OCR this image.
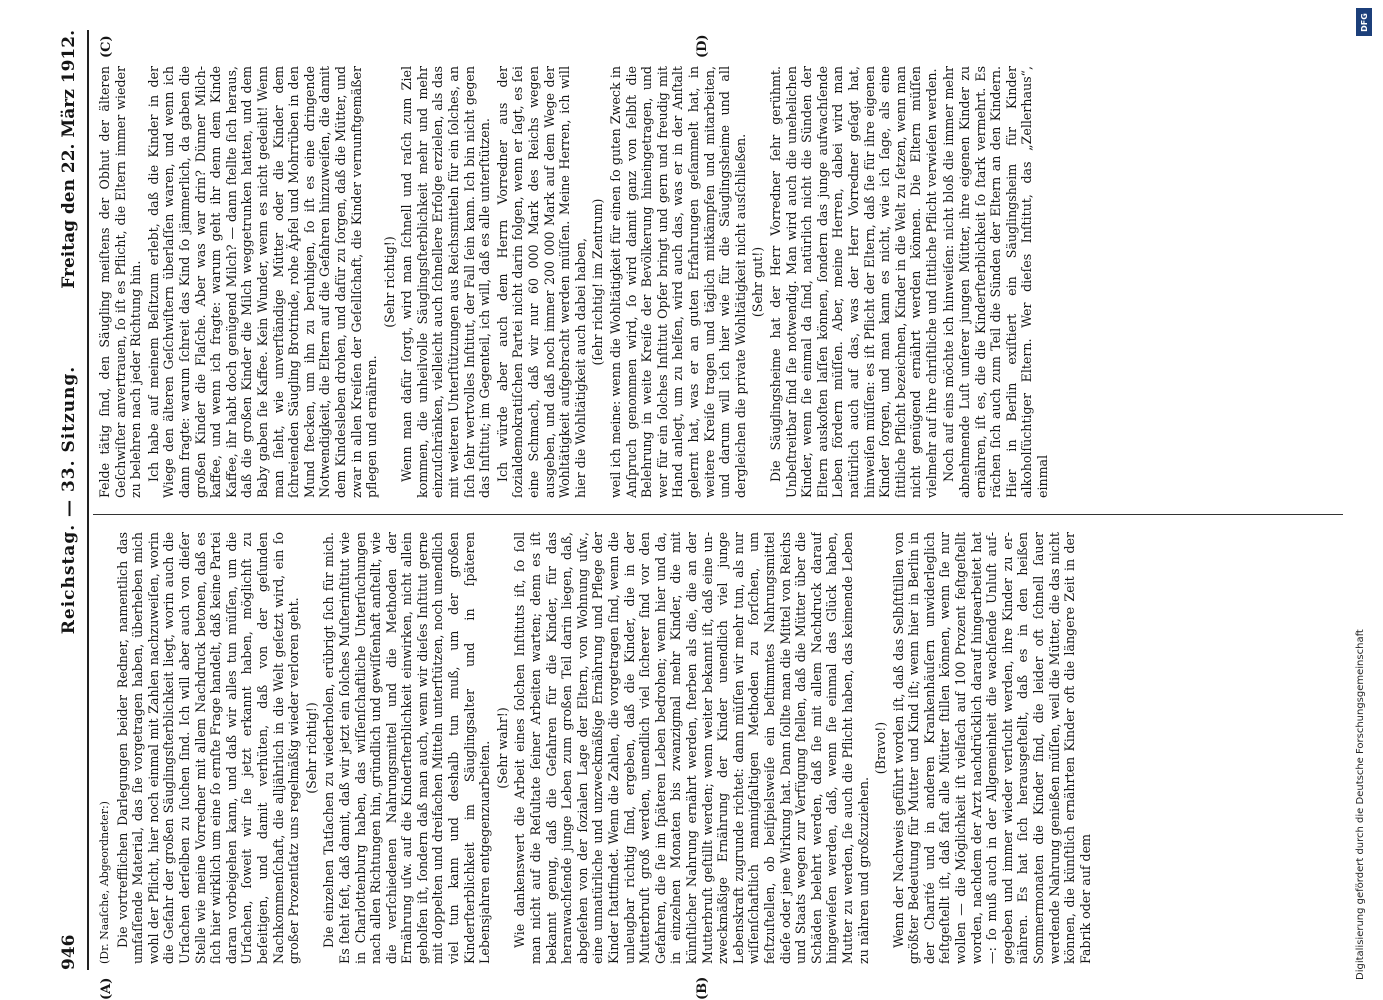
946
Reichstag. — 33. Sitzung.
Freitag den 22. März 1912.
(A)	(B)
(C)	(D)

(Dr. Naaſche, Abgeordneter:) Die vortrefflichen Darlegungen beider Redner, namentlich das umfaſſende Material, das ſie vorgetragen haben, überheben mich wohl der Pflicht, hier noch einmal mit Zahlen nachzuweiſen, worin die Gefahr der großen Säuglingsſterblichkeit liegt, worin auch die Urſachen derſelben zu ſuchen ſind. Ich will aber auch von dieſer Stelle wie meine Vorredner mit allem Nachdruck betonen, daß es ſich hier wirklich um eine ſo ernſte Frage handelt, daß keine Partei daran vorbeigehen kann, und daß wir alles tun müſſen, um die Urſachen, ſoweit wir ſie jetzt erkannt haben, möglichſt zu beſeitigen, und damit verhüten, daß von der geſunden Nachkommenſchaft, die alljährlich in die Welt geſetzt wird, ein ſo großer Prozentſatz uns regelmäßig wieder verloren geht. (Sehr richtig!) Die einzelnen Tatſachen zu wiederholen, erübrigt ſich für mich. Es ſteht feſt, daß damit, daß wir jetzt ein ſolches Muſterinſtitut wie in Charlottenburg haben, das wiſſenſchaftliche Unterſuchungen nach allen Richtungen hin, gründlich und gewiſſenhaft anſtellt, wie die verſchiedenen Nahrungsmittel und die Methoden der Ernährung uſw. auf die Kinderſterblichkeit einwirken, nicht allein geholfen iſt, ſondern daß man auch, wenn wir dieſes Inſtitut gerne mit doppelten und dreifachen Mitteln unterſtützen, noch unendlich viel tun kann und deshalb tun muß, um der großen Kinderſterblichkeit im Säuglingsalter und in ſpäteren Lebensjahren entgegenzuarbeiten. (Sehr wahr!) Wie dankenswert die Arbeit eines ſolchen Inſtituts iſt, ſo ſoll man nicht auf die Reſultate ſeiner Arbeiten warten; denn es iſt bekannt genug, daß die Gefahren für die Kinder, für das heranwachſende junge Leben zum großen Teil darin liegen, daß, abgeſehen von der ſozialen Lage der Eltern, von Wohnung uſw., eine unnatürliche und unzweckmäßige Ernährung und Pflege der Kinder ſtattfindet. Wenn die Zahlen, die vorgetragen ſind, wenn die unleugbar richtig ſind, ergeben, daß die Kinder, die in der Mutterbruſt groß werden, unendlich viel ſicherer ſind vor den Gefahren, die ſie im ſpäteren Leben bedrohen; wenn hier und da, in einzelnen Monaten bis zwanzigmal mehr Kinder, die mit künſtlicher Nahrung ernährt werden, ſterben als die, die an der Mutterbruſt geſtillt werden; wenn weiter bekannt iſt, daß eine unzweckmäßige Ernährung der Kinder unendlich viel junge Lebenskraft zugrunde richtet: dann müſſen wir mehr tun, als nur wiſſenſchaftlich mannigfaltigen Methoden zu forſchen, um feſtzuſtellen, ob beiſpielsweiſe ein beſtimmtes Nahrungsmittel dieſe oder jene Wirkung hat. Dann ſollte man die Mittel von Reichs und Staats wegen zur Verfügung ſtellen, daß die Mütter über die Schäden belehrt werden, daß ſie mit allem Nachdruck darauf hingewieſen werden, daß, wenn ſie einmal das Glück haben, Mutter zu werden, ſie auch die Pflicht haben, das keimende Leben zu nähren und großzuziehen.

(Bravo!) Wenn der Nachweis geführt worden iſt, daß das Selbſtſtillen von größter Bedeutung für Mutter und Kind iſt; wenn hier in Berlin in der Charité und in anderen Krankenhäuſern unwiderleglich feſtgeſtellt iſt, daß faſt alle Mütter ſtillen können, wenn ſie nur wollen — die Möglichkeit iſt vielfach auf 100 Prozent feſtgeſtellt worden, nachdem der Arzt nachdrücklich darauf hingearbeitet hat —: ſo muß auch in der Allgemeinheit die wachſende Unluſt aufgegeben und immer wieder verſucht werden, ihre Kinder zu ernähren. Es hat ſich herausgeſtellt, daß es in den heißen Sommermonaten die Kinder ſind, die leider oft ſchnell ſauer werdende Nahrung genießen müſſen, weil die Mütter, die das nicht können, die künſtlich ernährten Kinder oft die längere Zeit in der Fabrik oder auf dem

Felde tätig ſind, den Säugling meiſtens der Obhut der älteren Geſchwiſter anvertrauen, ſo iſt es Pflicht, die Eltern immer wieder zu belehren nach jeder Richtung hin. Ich habe auf meinem Beſitzum erlebt, daß die Kinder in der Wiege den älteren Geſchwiſtern überlaſſen waren, und wenn ich dann fragte: warum ſchreit das Kind ſo jämmerlich, da gaben die großen Kinder die Flaſche. Aber was war drin? Dünner Milchkaffee, und wenn ich fragte: warum geht ihr denn dem Kinde Kaffee, ihr habt doch genügend Milch? — dann ſtellte ſich heraus, daß die großen Kinder die Milch weggetrunken hatten, und dem Baby gaben ſie Kaffee. Kein Wunder, wenn es nicht gedeiht! Wenn man ſieht, wie unverſtändige Mütter oder die Kinder dem ſchreienden Säugling Brotrinde, rohe Äpfel und Mohrrüben in den Mund ſtecken, um ihn zu beruhigen, ſo iſt es eine dringende Notwendigkeit, die Eltern auf die Gefahren hinzuweiſen, die damit dem Kindesleben drohen, und dafür zu ſorgen, daß die Mütter, und zwar in allen Kreiſen der Geſellſchaft, die Kinder vernunftgemäßer pflegen und ernähren.

(Sehr richtig!) Wenn man dafür ſorgt, wird man ſchnell und raſch zum Ziel kommen, die unheilvolle Säuglingsſterblichkeit mehr und mehr einzuſchränken, vielleicht auch ſchnellere Erfolge erzielen, als das mit weiteren Unterſtützungen aus Reichsmitteln für ein ſolches, an ſich ſehr wertvolles Inſtitut, der Fall ſein kann. Ich bin nicht gegen das Inſtitut; im Gegenteil, ich will, daß es alle unterſtützen. Ich würde aber auch dem Herrn Vorredner aus der ſozialdemokratiſchen Partei nicht darin folgen, wenn er ſagt, es ſei eine Schmach, daß wir nur 60 000 Mark des Reichs wegen ausgeben, und daß noch immer 200 000 Mark auf dem Wege der Wohltätigkeit aufgebracht werden müſſen. Meine Herren, ich will hier die Wohltätigkeit auch dabei haben, (ſehr richtig! im Zentrum) weil ich meine: wenn die Wohltätigkeit für einen ſo guten Zweck in Anſpruch genommen wird, ſo wird damit ganz von ſelbſt die Belehrung in weite Kreiſe der Bevölkerung hineingetragen, und wer für ein ſolches Inſtitut Opfer bringt und gern und freudig mit Hand anlegt, um zu helfen, wird auch das, was er in der Anſtalt gelernt hat, was er an guten Erfahrungen geſammelt hat, in weitere Kreiſe tragen und täglich mitkämpfen und mitarbeiten, und darum will ich hier wie für die Säuglingsheime und all dergleichen die private Wohltätigkeit nicht ausſchließen. (Sehr gut!) Die Säuglingsheime hat der Herr Vorredner ſehr gerühmt. Unbeſtreitbar ſind ſie notwendig. Man wird auch die unehelichen Kinder, wenn ſie einmal da ſind, natürlich nicht die Sünden der Eltern auskoſten laſſen können, ſondern das junge aufwachſende Leben fördern müſſen. Aber, meine Herren, dabei wird man natürlich auch auf das, was der Herr Vorredner geſagt hat, hinweiſen müſſen: es iſt Pflicht der Eltern, daß ſie für ihre eigenen Kinder ſorgen, und man kann es nicht, wie ich ſage, als eine ſittliche Pflicht bezeichnen, Kinder in die Welt zu ſetzen, wenn man nicht genügend ernährt werden können. Die Eltern müſſen vielmehr auf ihre chriſtliche und ſittliche Pflicht verwieſen werden. Noch auf eins möchte ich hinweiſen: nicht bloß die immer mehr abnehmende Luſt unſerer jungen Mütter, ihre eigenen Kinder zu ernähren, iſt es, die die Kinderſterblichkeit ſo ſtark vermehrt. Es rächen ſich auch zum Teil die Sünden der Eltern an den Kindern. Hier in Berlin exiſtiert ein Säuglingsheim für Kinder alkoholſüchtiger Eltern. Wer dieſes Inſtitut, das „Zellerhaus“, einmal

DFG
Digitalisierung gefördert durch die Deutsche Forschungsgemeinschaft
